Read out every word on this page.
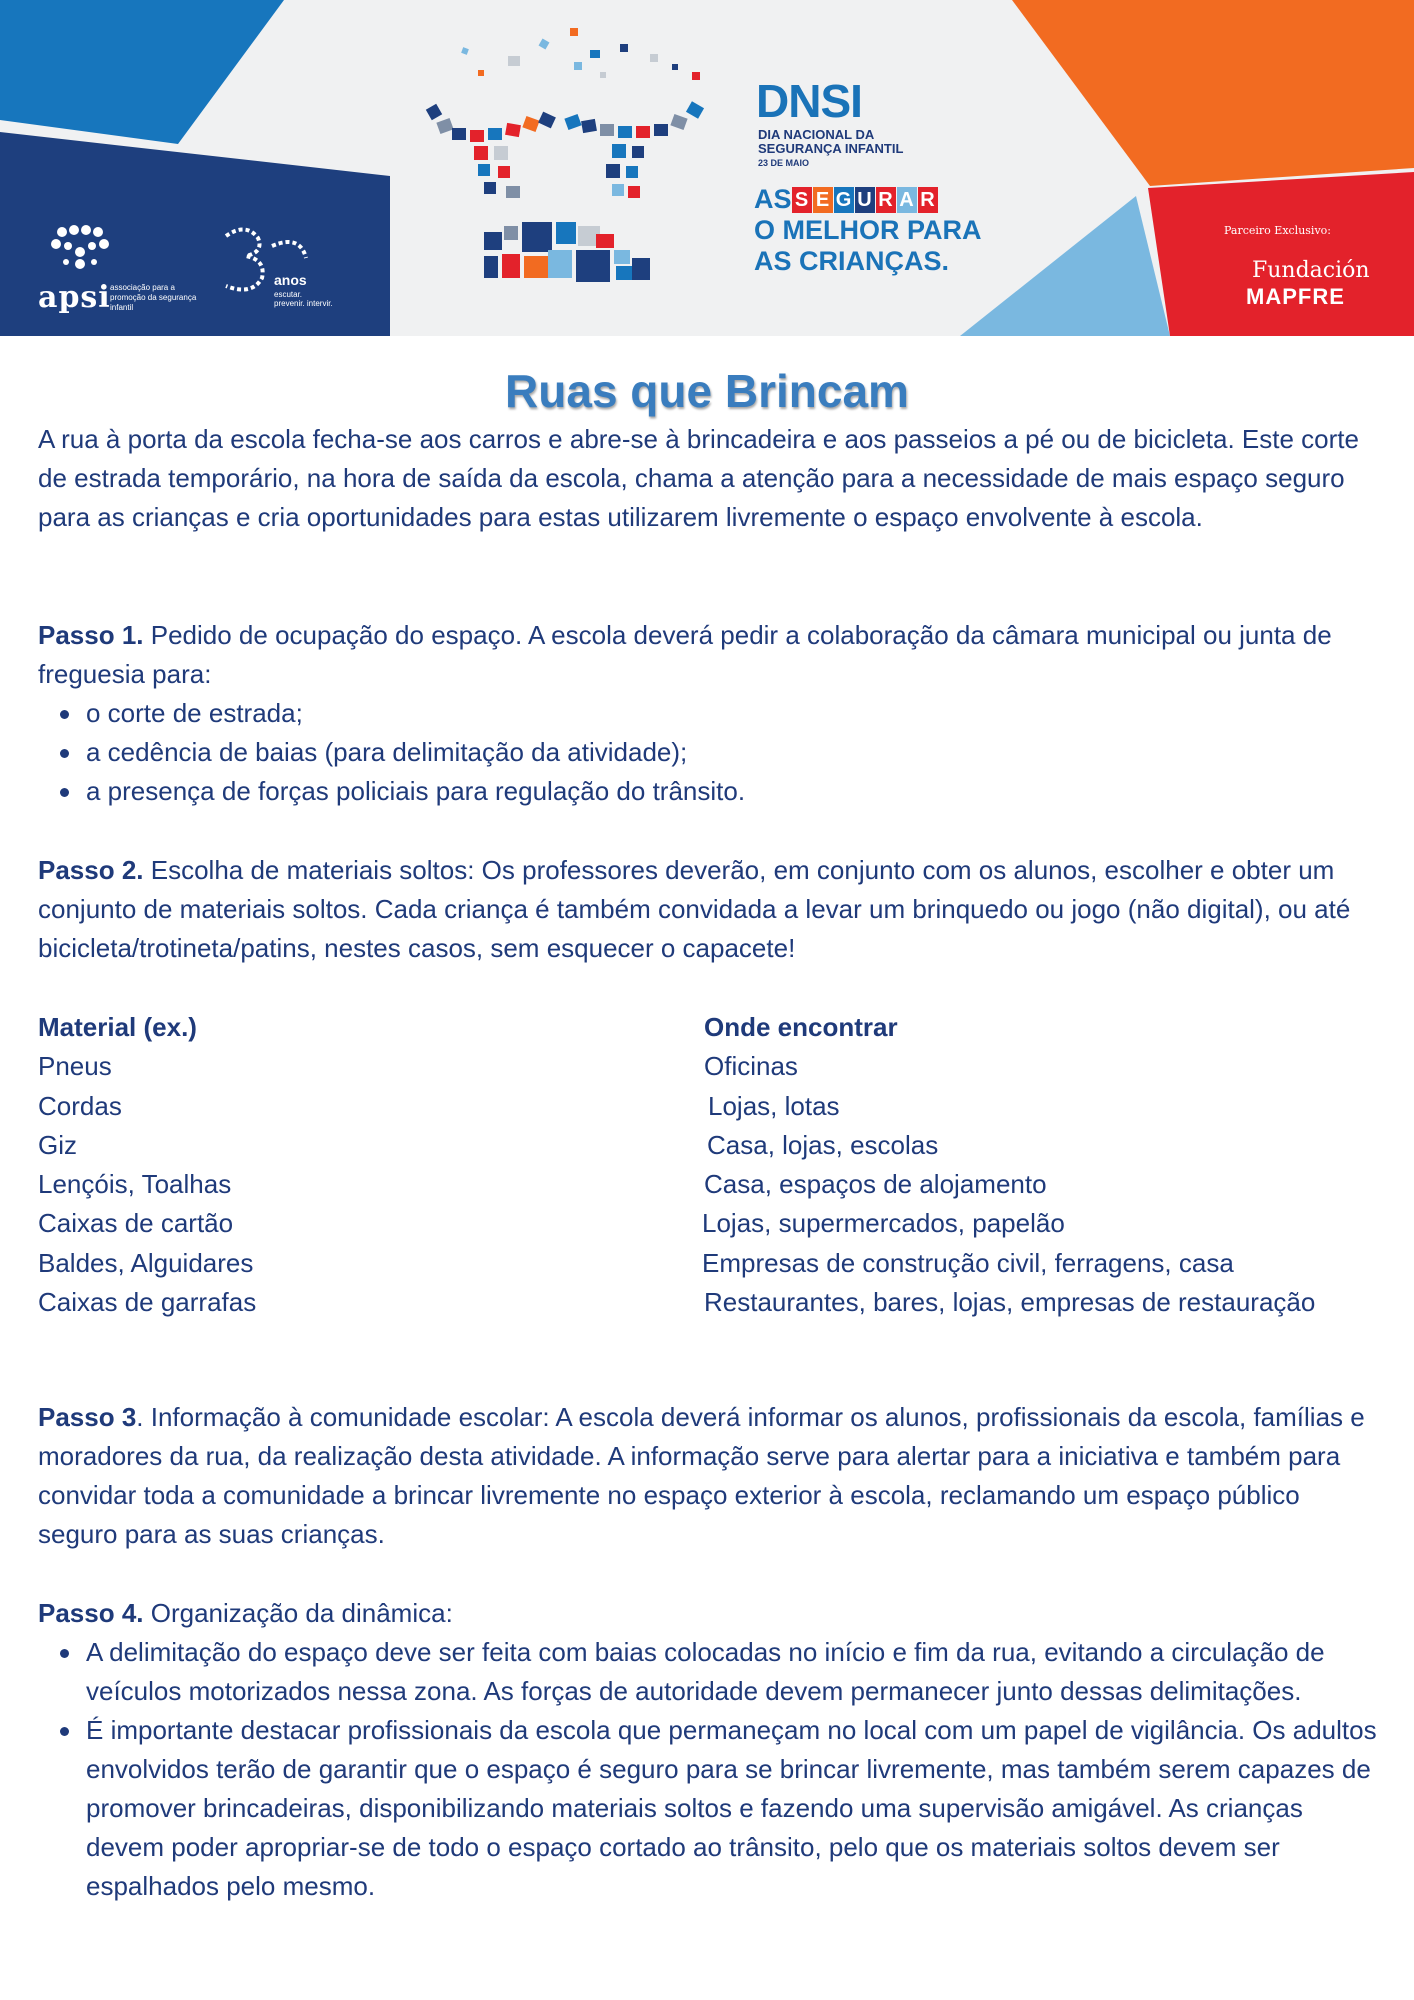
apsi associação para a promoção da segurança infantil
anos
escutar. prevenir. intervir.
DNSI
DIA NACIONAL DA SEGURANÇA INFANTIL
23 DE MAIO
AS S E G U R A R
O MELHOR PARA
AS CRIANÇAS.
Parceiro Exclusivo:
Fundación
MAPFRE
Ruas que Brincam

A rua à porta da escola fecha-se aos carros e abre-se à brincadeira e aos passeios a pé ou de bicicleta. Este corte de estrada temporário, na hora de saída da escola, chama a atenção para a necessidade de mais espaço seguro para as crianças e cria oportunidades para estas utilizarem livremente o espaço envolvente à escola.

Passo 1. Pedido de ocupação do espaço. A escola deverá pedir a colaboração da câmara municipal ou junta de freguesia para:

o corte de estrada;
a cedência de baias (para delimitação da atividade);
a presença de forças policiais para regulação do trânsito.

Passo 2. Escolha de materiais soltos: Os professores deverão, em conjunto com os alunos, escolher e obter um conjunto de materiais soltos. Cada criança é também convidada a levar um brinquedo ou jogo (não digital), ou até bicicleta/trotineta/patins, nestes casos, sem esquecer o capacete!

Material (ex.)	Onde encontrar
Pneus	Oficinas
Cordas	Lojas, lotas
Giz	Casa, lojas, escolas
Lençóis, Toalhas	Casa, espaços de alojamento
Caixas de cartão	Lojas, supermercados, papelão
Baldes, Alguidares	Empresas de construção civil, ferragens, casa
Caixas de garrafas	Restaurantes, bares, lojas, empresas de restauração

Passo 3. Informação à comunidade escolar: A escola deverá informar os alunos, profissionais da escola, famílias e moradores da rua, da realização desta atividade. A informação serve para alertar para a iniciativa e também para convidar toda a comunidade a brincar livremente no espaço exterior à escola, reclamando um espaço público seguro para as suas crianças.

Passo 4. Organização da dinâmica:

A delimitação do espaço deve ser feita com baias colocadas no início e fim da rua, evitando a circulação de veículos motorizados nessa zona. As forças de autoridade devem permanecer junto dessas delimitações.
É importante destacar profissionais da escola que permaneçam no local com um papel de vigilância. Os adultos envolvidos terão de garantir que o espaço é seguro para se brincar livremente, mas também serem capazes de promover brincadeiras, disponibilizando materiais soltos e fazendo uma supervisão amigável. As crianças devem poder apropriar-se de todo o espaço cortado ao trânsito, pelo que os materiais soltos devem ser espalhados pelo mesmo.
